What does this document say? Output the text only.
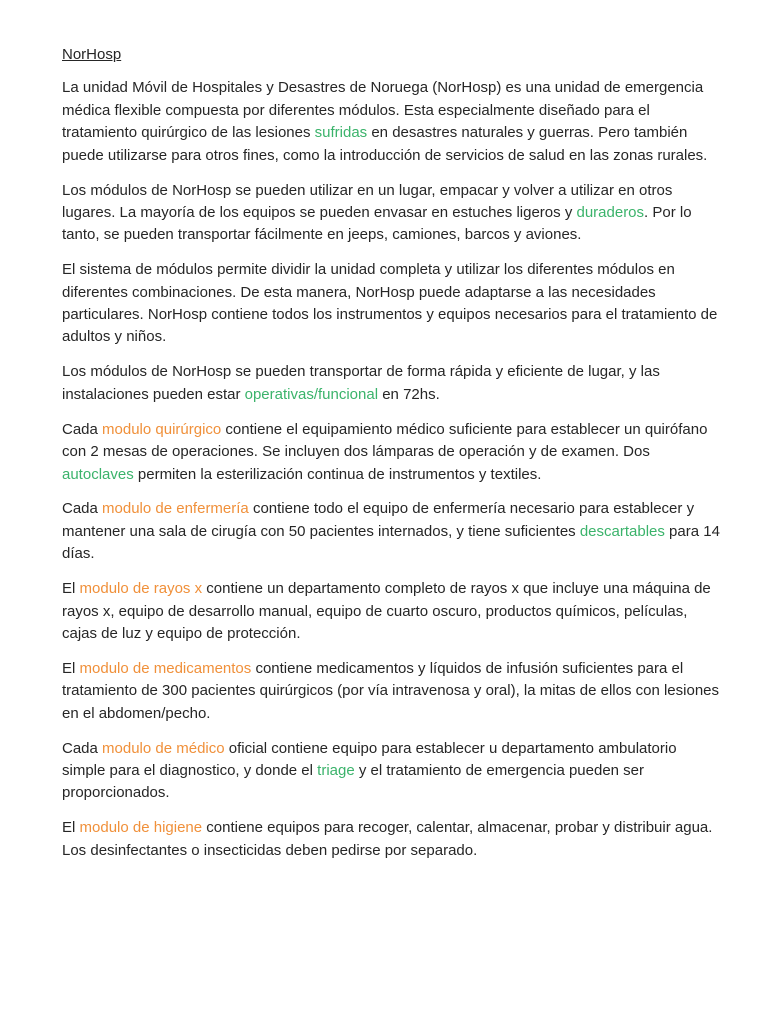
NorHosp

La unidad Móvil de Hospitales y Desastres de Noruega (NorHosp) es una unidad de emergencia médica flexible compuesta por diferentes módulos. Esta especialmente diseñado para el tratamiento quirúrgico de las lesiones sufridas en desastres naturales y guerras. Pero también puede utilizarse para otros fines, como la introducción de servicios de salud en las zonas rurales.

Los módulos de NorHosp se pueden utilizar en un lugar, empacar y volver a utilizar en otros lugares. La mayoría de los equipos se pueden envasar en estuches ligeros y duraderos. Por lo tanto, se pueden transportar fácilmente en jeeps, camiones, barcos y aviones.

El sistema de módulos permite dividir la unidad completa y utilizar los diferentes módulos en diferentes combinaciones. De esta manera, NorHosp puede adaptarse a las necesidades particulares. NorHosp contiene todos los instrumentos y equipos necesarios para el tratamiento de adultos y niños.

Los módulos de NorHosp se pueden transportar de forma rápida y eficiente de lugar, y las instalaciones pueden estar operativas/funcional en 72hs.

Cada modulo quirúrgico contiene el equipamiento médico suficiente para establecer un quirófano con 2 mesas de operaciones. Se incluyen dos lámparas de operación y de examen. Dos autoclaves permiten la esterilización continua de instrumentos y textiles.

Cada modulo de enfermería contiene todo el equipo de enfermería necesario para establecer y mantener una sala de cirugía con 50 pacientes internados, y tiene suficientes descartables para 14 días.

El modulo de rayos x contiene un departamento completo de rayos x que incluye una máquina de rayos x, equipo de desarrollo manual, equipo de cuarto oscuro, productos químicos, películas, cajas de luz y equipo de protección.

El modulo de medicamentos contiene medicamentos y líquidos de infusión suficientes para el tratamiento de 300 pacientes quirúrgicos (por vía intravenosa y oral), la mitas de ellos con lesiones en el abdomen/pecho.

Cada modulo de médico oficial contiene equipo para establecer u departamento ambulatorio simple para el diagnostico, y donde el triage y el tratamiento de emergencia pueden ser proporcionados.

El modulo de higiene contiene equipos para recoger, calentar, almacenar, probar y distribuir agua. Los desinfectantes o insecticidas deben pedirse por separado.
